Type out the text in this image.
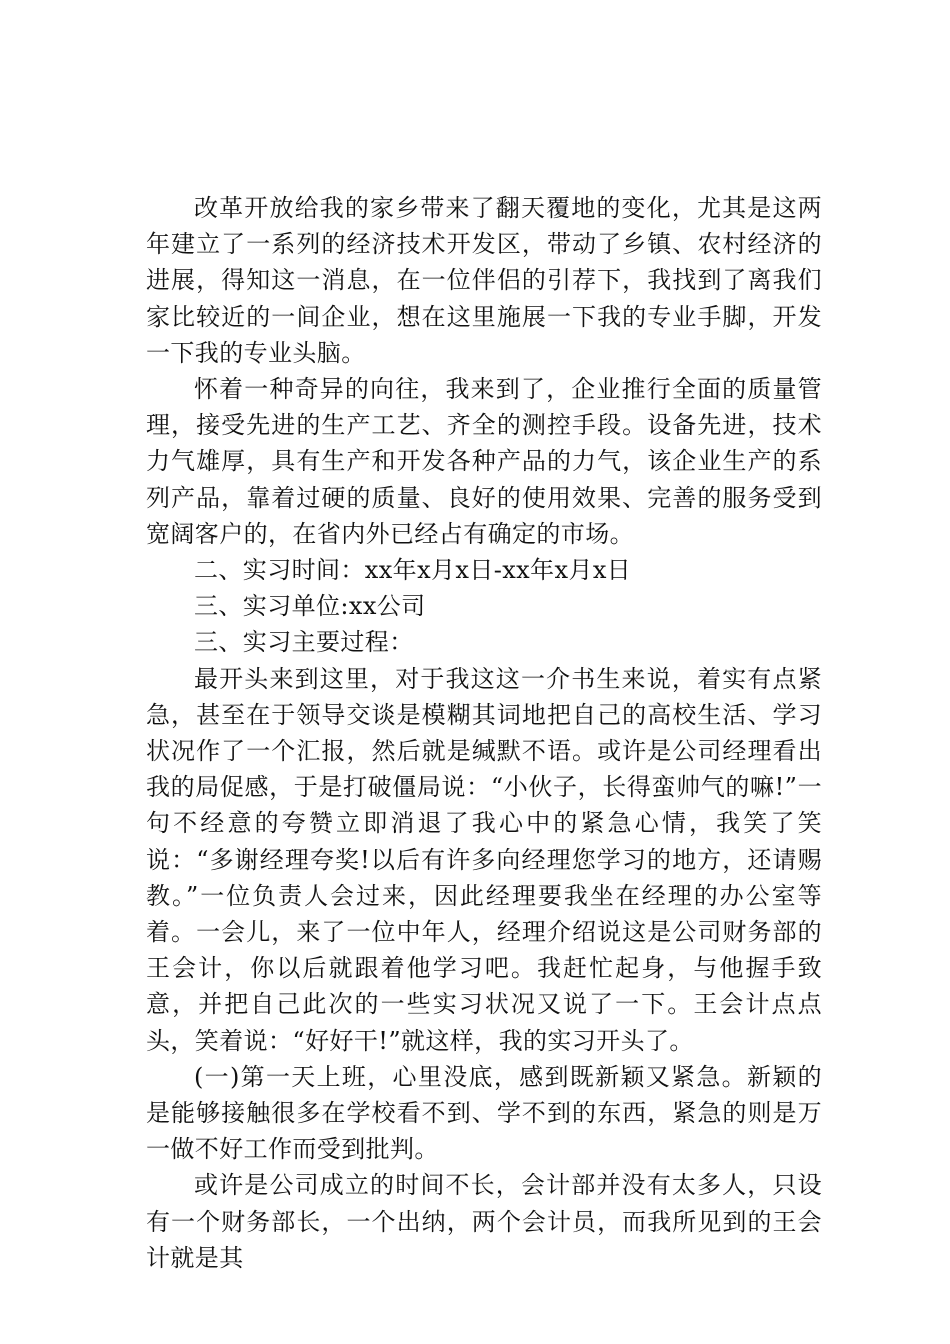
改革开放给我的家乡带来了翻天覆地的变化，尤其是这两年建立了一系列的经济技术开发区，带动了乡镇、农村经济的进展，得知这一消息，在一位伴侣的引荐下，我找到了离我们家比较近的一间企业，想在这里施展一下我的专业手脚，开发一下我的专业头脑。

怀着一种奇异的向往，我来到了，企业推行全面的质量管理，接受先进的生产工艺、齐全的测控手段。设备先进，技术力气雄厚，具有生产和开发各种产品的力气，该企业生产的系列产品，靠着过硬的质量、良好的使用效果、完善的服务受到宽阔客户的，在省内外已经占有确定的市场。

二、实习时间：xx年x月x日-xx年x月x日

三、实习单位:xx公司

三、实习主要过程：

最开头来到这里，对于我这这一介书生来说，着实有点紧急，甚至在于领导交谈是模糊其词地把自己的高校生活、学习状况作了一个汇报，然后就是缄默不语。或许是公司经理看出我的局促感，于是打破僵局说：“小伙子，长得蛮帅气的嘛!”一句不经意的夸赞立即消退了我心中的紧急心情，我笑了笑说：“多谢经理夸奖!以后有许多向经理您学习的地方，还请赐教。”一位负责人会过来，因此经理要我坐在经理的办公室等着。一会儿，来了一位中年人，经理介绍说这是公司财务部的王会计，你以后就跟着他学习吧。我赶忙起身，与他握手致意，并把自己此次的一些实习状况又说了一下。王会计点点头，笑着说：“好好干!”就这样，我的实习开头了。

(一)第一天上班，心里没底，感到既新颖又紧急。新颖的是能够接触很多在学校看不到、学不到的东西，紧急的则是万一做不好工作而受到批判。

或许是公司成立的时间不长，会计部并没有太多人，只设有一个财务部长，一个出纳，两个会计员，而我所见到的王会计就是其
